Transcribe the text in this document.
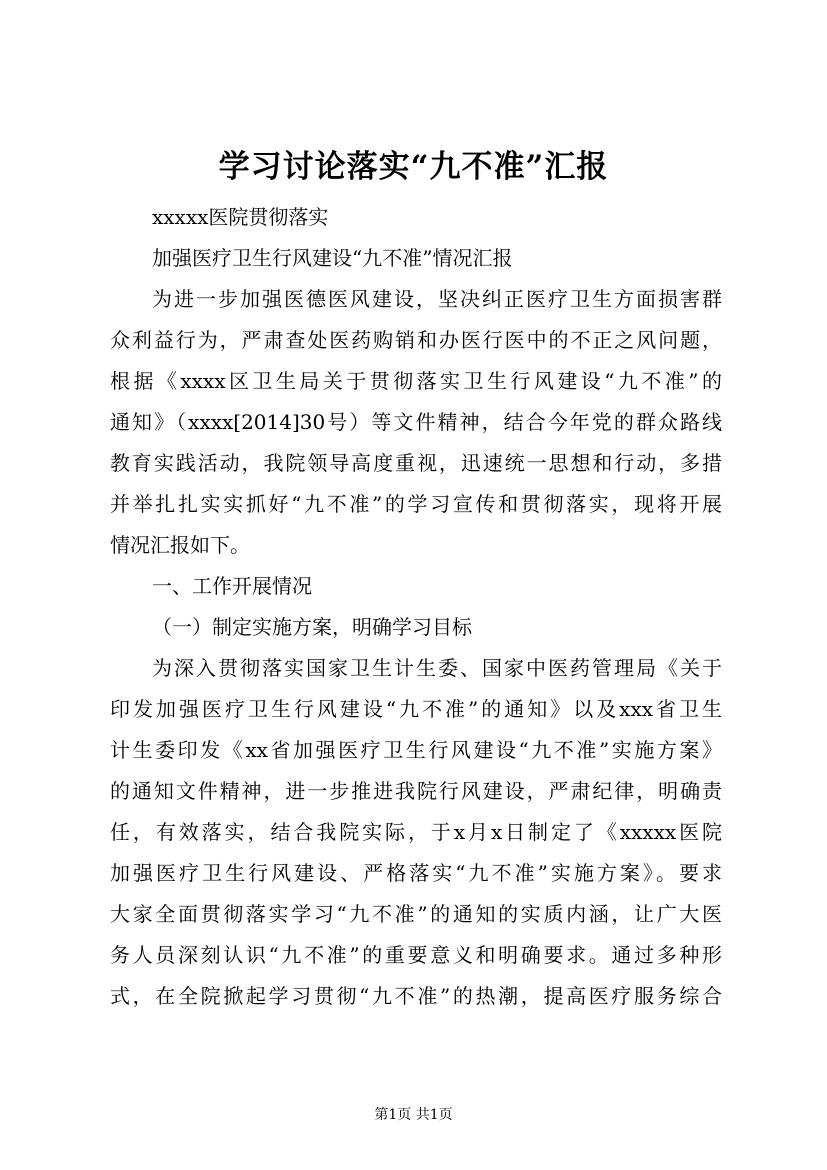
学习讨论落实“九不准”汇报
xxxxx医院贯彻落实
加强医疗卫生行风建设“九不准”情况汇报
为进一步加强医德医风建设，坚决纠正医疗卫生方面损害群
众利益行为，严肃查处医药购销和办医行医中的不正之风问题，
根据《xxxx区卫生局关于贯彻落实卫生行风建设“九不准”的
通知》（xxxx[2014]30号）等文件精神，结合今年党的群众路线
教育实践活动，我院领导高度重视，迅速统一思想和行动，多措
并举扎扎实实抓好“九不准”的学习宣传和贯彻落实，现将开展
情况汇报如下。
一、工作开展情况
（一）制定实施方案，明确学习目标
为深入贯彻落实国家卫生计生委、国家中医药管理局《关于
印发加强医疗卫生行风建设“九不准”的通知》以及xxx省卫生
计生委印发《xx省加强医疗卫生行风建设“九不准”实施方案》
的通知文件精神，进一步推进我院行风建设，严肃纪律，明确责
任，有效落实，结合我院实际，于x月x日制定了《xxxxx医院
加强医疗卫生行风建设、严格落实“九不准”实施方案》。要求
大家全面贯彻落实学习“九不准”的通知的实质内涵，让广大医
务人员深刻认识“九不准”的重要意义和明确要求。通过多种形
式，在全院掀起学习贯彻“九不准”的热潮，提高医疗服务综合
第1页 共1页
